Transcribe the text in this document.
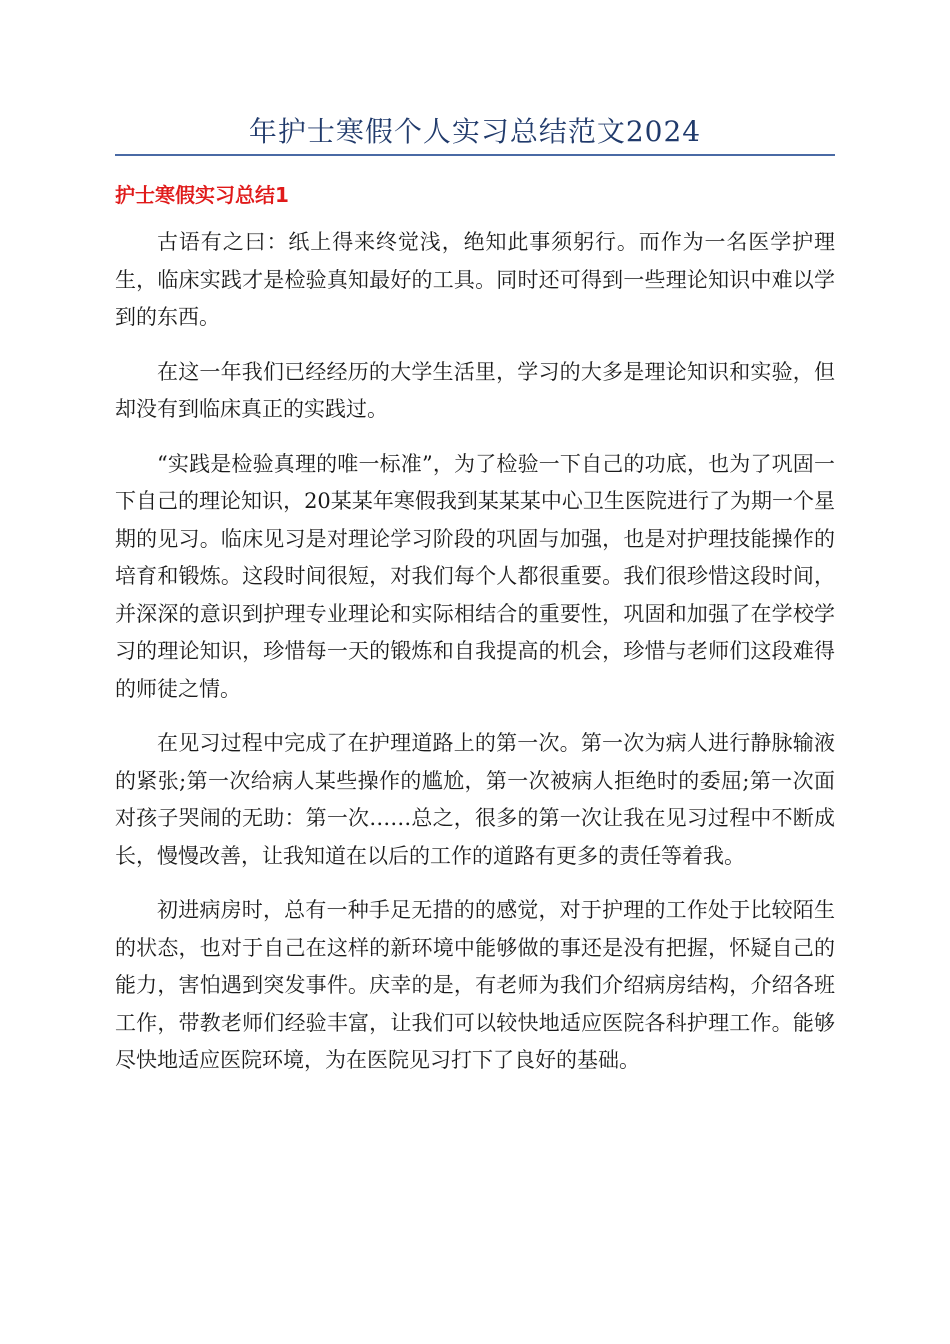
年护士寒假个人实习总结范文2024
护士寒假实习总结1

古语有之曰：纸上得来终觉浅，绝知此事须躬行。而作为一名医学护理生，临床实践才是检验真知最好的工具。同时还可得到一些理论知识中难以学到的东西。

在这一年我们已经经历的大学生活里，学习的大多是理论知识和实验，但却没有到临床真正的实践过。

“实践是检验真理的唯一标准”，为了检验一下自己的功底，也为了巩固一下自己的理论知识，20某某年寒假我到某某某中心卫生医院进行了为期一个星期的见习。临床见习是对理论学习阶段的巩固与加强，也是对护理技能操作的培育和锻炼。这段时间很短，对我们每个人都很重要。我们很珍惜这段时间，并深深的意识到护理专业理论和实际相结合的重要性，巩固和加强了在学校学习的理论知识，珍惜每一天的锻炼和自我提高的机会，珍惜与老师们这段难得的师徒之情。

在见习过程中完成了在护理道路上的第一次。第一次为病人进行静脉输液的紧张;第一次给病人某些操作的尴尬，第一次被病人拒绝时的委屈;第一次面对孩子哭闹的无助：第一次……总之，很多的第一次让我在见习过程中不断成长，慢慢改善，让我知道在以后的工作的道路有更多的责任等着我。

初进病房时，总有一种手足无措的的感觉，对于护理的工作处于比较陌生的状态，也对于自己在这样的新环境中能够做的事还是没有把握，怀疑自己的能力，害怕遇到突发事件。庆幸的是，有老师为我们介绍病房结构，介绍各班工作，带教老师们经验丰富，让我们可以较快地适应医院各科护理工作。能够尽快地适应医院环境，为在医院见习打下了良好的基础。
